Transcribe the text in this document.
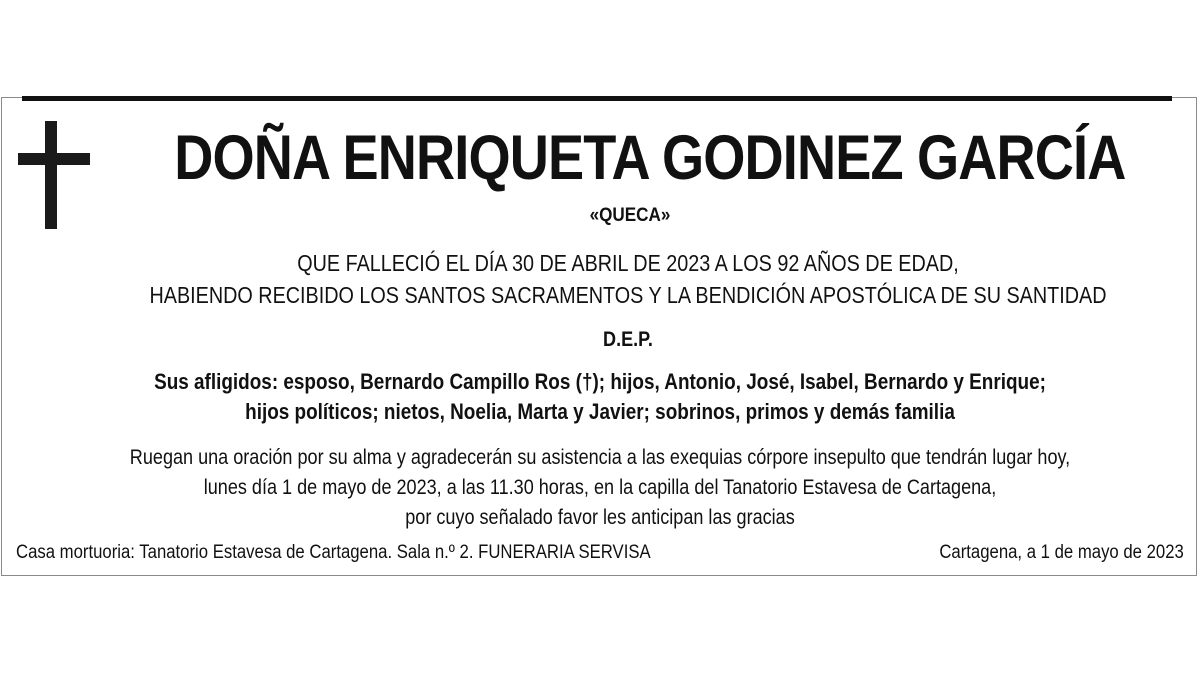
DOÑA ENRIQUETA GODINEZ GARCÍA
«QUECA»
QUE FALLECIÓ EL DÍA 30 DE ABRIL DE 2023 A LOS 92 AÑOS DE EDAD,
HABIENDO RECIBIDO LOS SANTOS SACRAMENTOS Y LA BENDICIÓN APOSTÓLICA DE SU SANTIDAD
D.E.P.
Sus afligidos: esposo, Bernardo Campillo Ros (†); hijos, Antonio, José, Isabel, Bernardo y Enrique;
hijos políticos; nietos, Noelia, Marta y Javier; sobrinos, primos y demás familia
Ruegan una oración por su alma y agradecerán su asistencia a las exequias córpore insepulto que tendrán lugar hoy,
lunes día 1 de mayo de 2023, a las 11.30 horas, en la capilla del Tanatorio Estavesa de Cartagena,
por cuyo señalado favor les anticipan las gracias
Casa mortuoria: Tanatorio Estavesa de Cartagena. Sala n.º 2. FUNERARIA SERVISA	Cartagena, a 1 de mayo de 2023
